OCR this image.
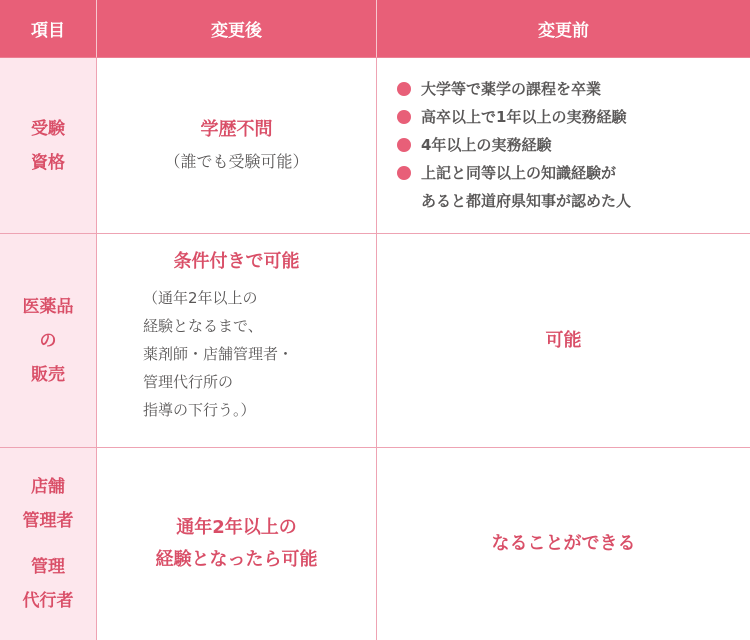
項目	変更後	変更前
受験
資格
学歴不問
（誰でも受験可能）
大学等で薬学の課程を卒業
高卒以上で1年以上の実務経験
4年以上の実務経験
上記と同等以上の知識経験が
あると都道府県知事が認めた人
医薬品
の
販売
条件付きで可能
（通年2年以上の
経験となるまで、
薬剤師・店舗管理者・
管理代行所の
指導の下行う。）
可能
店舗
管理者
管理
代行者
通年2年以上の
経験となったら可能
なることができる
